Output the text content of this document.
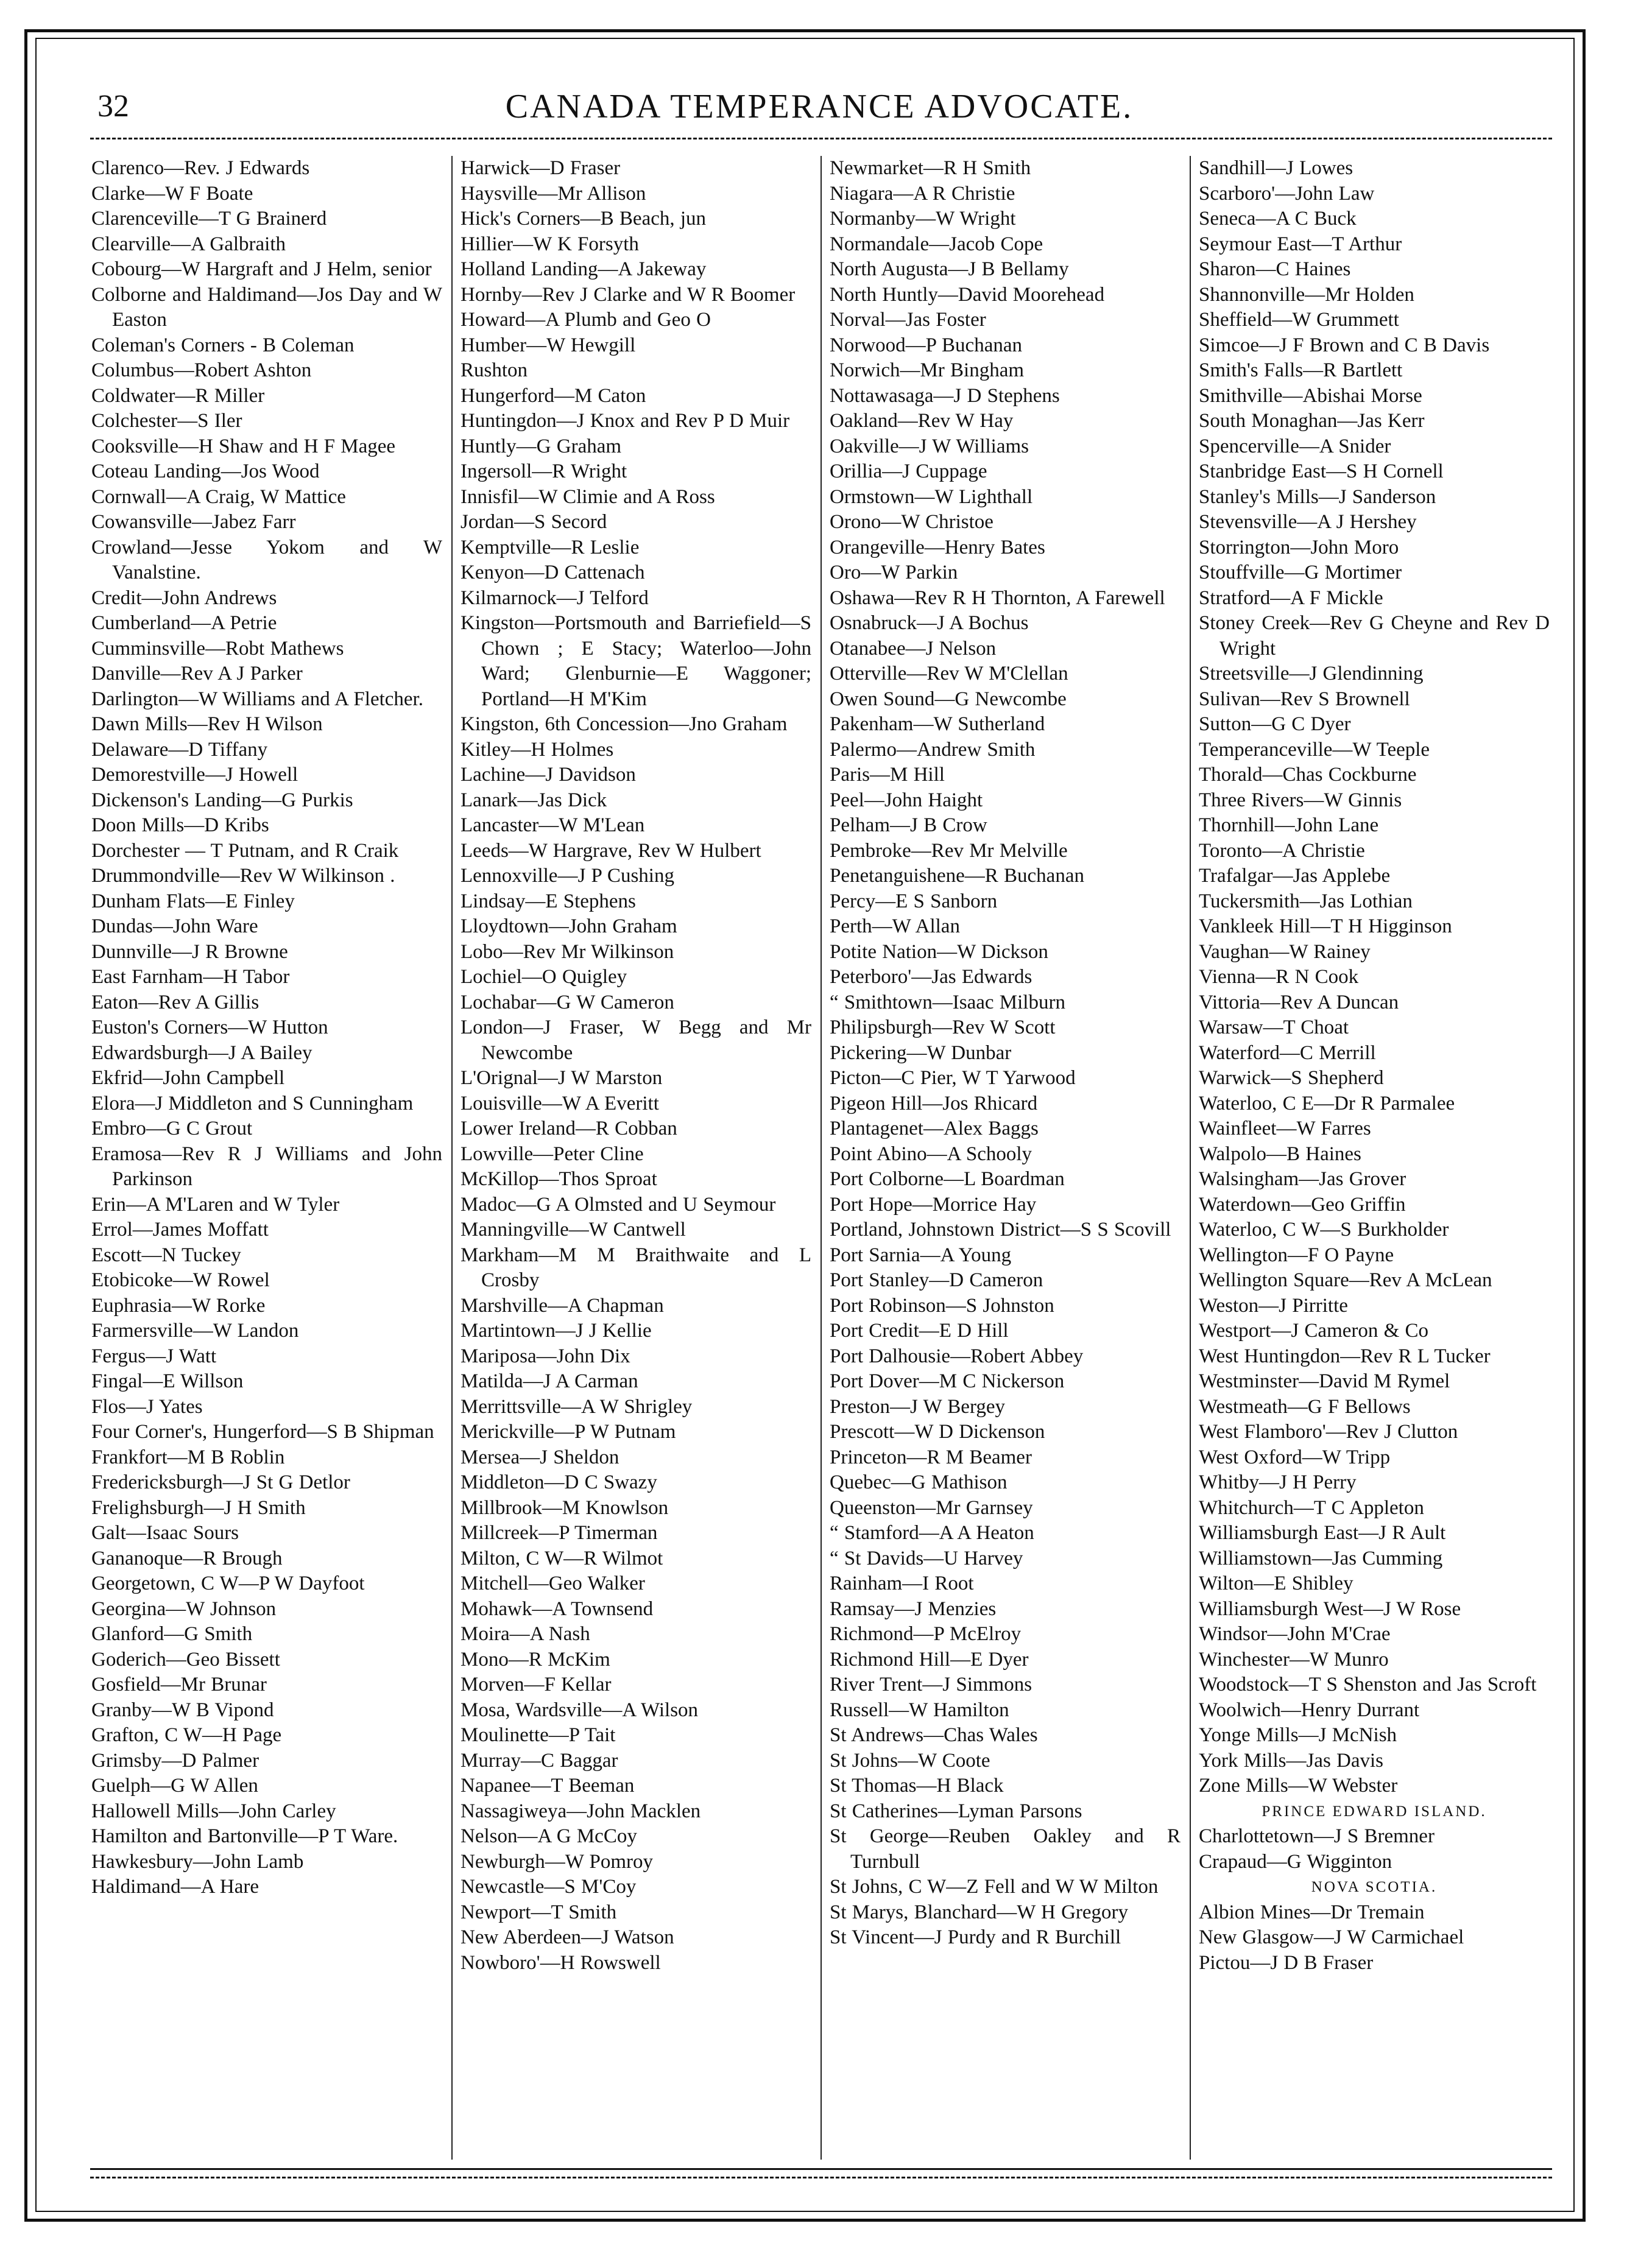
32	CANADA TEMPERANCE ADVOCATE.
Clarenco—Rev. J Edwards
Clarke—W F Boate
Clarenceville—T G Brainerd
Clearville—A Galbraith
Cobourg—W Hargraft and J Helm, senior
Colborne and Haldimand—Jos Day and W Easton
Coleman's Corners - B Coleman
Columbus—Robert Ashton
Coldwater—R Miller
Colchester—S Iler
Cooksville—H Shaw and H F Magee
Coteau Landing—Jos Wood
Cornwall—A Craig, W Mattice
Cowansville—Jabez Farr
Crowland—Jesse Yokom and W Vanalstine.
Credit—John Andrews
Cumberland—A Petrie
Cumminsville—Robt Mathews
Danville—Rev A J Parker
Darlington—W Williams and A Fletcher.
Dawn Mills—Rev H Wilson
Delaware—D Tiffany
Demorestville—J Howell
Dickenson's Landing—G Purkis
Doon Mills—D Kribs
Dorchester — T Putnam, and R Craik
Drummondville—Rev W Wilkinson .
Dunham Flats—E Finley
Dundas—John Ware
Dunnville—J R Browne
East Farnham—H Tabor
Eaton—Rev A Gillis
Euston's Corners—W Hutton
Edwardsburgh—J A Bailey
Ekfrid—John Campbell
Elora—J Middleton and S Cunningham
Embro—G C Grout
Eramosa—Rev R J Williams and John Parkinson
Erin—A M'Laren and W Tyler
Errol—James Moffatt
Escott—N Tuckey
Etobicoke—W Rowel
Euphrasia—W Rorke
Farmersville—W Landon
Fergus—J Watt
Fingal—E Willson
Flos—J Yates
Four Corner's, Hungerford—S B Shipman
Frankfort—M B Roblin
Fredericksburgh—J St G Detlor
Frelighsburgh—J H Smith
Galt—Isaac Sours
Gananoque—R Brough
Georgetown, C W—P W Dayfoot
Georgina—W Johnson
Glanford—G Smith
Goderich—Geo Bissett
Gosfield—Mr Brunar
Granby—W B Vipond
Grafton, C W—H Page
Grimsby—D Palmer
Guelph—G W Allen
Hallowell Mills—John Carley
Hamilton and Bartonville—P T Ware.
Hawkesbury—John Lamb
Haldimand—A Hare
Harwick—D Fraser
Haysville—Mr Allison
Hick's Corners—B Beach, jun
Hillier—W K Forsyth
Holland Landing—A Jakeway
Hornby—Rev J Clarke and W R Boomer
Howard—A Plumb and Geo O
Humber—W Hewgill
Rushton
Hungerford—M Caton
Huntingdon—J Knox and Rev P D Muir
Huntly—G Graham
Ingersoll—R Wright
Innisfil—W Climie and A Ross
Jordan—S Secord
Kemptville—R Leslie
Kenyon—D Cattenach
Kilmarnock—J Telford
Kingston—Portsmouth and Barriefield—S Chown ; E Stacy; Waterloo—John Ward; Glenburnie—E Waggoner; Portland—H M'Kim
Kingston, 6th Concession—Jno Graham
Kitley—H Holmes
Lachine—J Davidson
Lanark—Jas Dick
Lancaster—W M'Lean
Leeds—W Hargrave, Rev W Hulbert
Lennoxville—J P Cushing
Lindsay—E Stephens
Lloydtown—John Graham
Lobo—Rev Mr Wilkinson
Lochiel—O Quigley
Lochabar—G W Cameron
London—J Fraser, W Begg and Mr Newcombe
L'Orignal—J W Marston
Louisville—W A Everitt
Lower Ireland—R Cobban
Lowville—Peter Cline
McKillop—Thos Sproat
Madoc—G A Olmsted and U Seymour
Manningville—W Cantwell
Markham—M M Braithwaite and L Crosby
Marshville—A Chapman
Martintown—J J Kellie
Mariposa—John Dix
Matilda—J A Carman
Merrittsville—A W Shrigley
Merickville—P W Putnam
Mersea—J Sheldon
Middleton—D C Swazy
Millbrook—M Knowlson
Millcreek—P Timerman
Milton, C W—R Wilmot
Mitchell—Geo Walker
Mohawk—A Townsend
Moira—A Nash
Mono—R McKim
Morven—F Kellar
Mosa, Wardsville—A Wilson
Moulinette—P Tait
Murray—C Baggar
Napanee—T Beeman
Nassagiweya—John Macklen
Nelson—A G McCoy
Newburgh—W Pomroy
Newcastle—S M'Coy
Newport—T Smith
New Aberdeen—J Watson
Nowboro'—H Rowswell
Newmarket—R H Smith
Niagara—A R Christie
Normanby—W Wright
Normandale—Jacob Cope
North Augusta—J B Bellamy
North Huntly—David Moorehead
Norval—Jas Foster
Norwood—P Buchanan
Norwich—Mr Bingham
Nottawasaga—J D Stephens
Oakland—Rev W Hay
Oakville—J W Williams
Orillia—J Cuppage
Ormstown—W Lighthall
Orono—W Christoe
Orangeville—Henry Bates
Oro—W Parkin
Oshawa—Rev R H Thornton, A Farewell
Osnabruck—J A Bochus
Otanabee—J Nelson
Otterville—Rev W M'Clellan
Owen Sound—G Newcombe
Pakenham—W Sutherland
Palermo—Andrew Smith
Paris—M Hill
Peel—John Haight
Pelham—J B Crow
Pembroke—Rev Mr Melville
Penetanguishene—R Buchanan
Percy—E S Sanborn
Perth—W Allan
Potite Nation—W Dickson
Peterboro'—Jas Edwards
“ Smithtown—Isaac Milburn
Philipsburgh—Rev W Scott
Pickering—W Dunbar
Picton—C Pier, W T Yarwood
Pigeon Hill—Jos Rhicard
Plantagenet—Alex Baggs
Point Abino—A Schooly
Port Colborne—L Boardman
Port Hope—Morrice Hay
Portland, Johnstown District—S S Scovill
Port Sarnia—A Young
Port Stanley—D Cameron
Port Robinson—S Johnston
Port Credit—E D Hill
Port Dalhousie—Robert Abbey
Port Dover—M C Nickerson
Preston—J W Bergey
Prescott—W D Dickenson
Princeton—R M Beamer
Quebec—G Mathison
Queenston—Mr Garnsey
“ Stamford—A A Heaton
“ St Davids—U Harvey
Rainham—I Root
Ramsay—J Menzies
Richmond—P McElroy
Richmond Hill—E Dyer
River Trent—J Simmons
Russell—W Hamilton
St Andrews—Chas Wales
St Johns—W Coote
St Thomas—H Black
St Catherines—Lyman Parsons
St George—Reuben Oakley and R Turnbull
St Johns, C W—Z Fell and W W Milton
St Marys, Blanchard—W H Gregory
St Vincent—J Purdy and R Burchill
Sandhill—J Lowes
Scarboro'—John Law
Seneca—A C Buck
Seymour East—T Arthur
Sharon—C Haines
Shannonville—Mr Holden
Sheffield—W Grummett
Simcoe—J F Brown and C B Davis
Smith's Falls—R Bartlett
Smithville—Abishai Morse
South Monaghan—Jas Kerr
Spencerville—A Snider
Stanbridge East—S H Cornell
Stanley's Mills—J Sanderson
Stevensville—A J Hershey
Storrington—John Moro
Stouffville—G Mortimer
Stratford—A F Mickle
Stoney Creek—Rev G Cheyne and Rev D Wright
Streetsville—J Glendinning
Sulivan—Rev S Brownell
Sutton—G C Dyer
Temperanceville—W Teeple
Thorald—Chas Cockburne
Three Rivers—W Ginnis
Thornhill—John Lane
Toronto—A Christie
Trafalgar—Jas Applebe
Tuckersmith—Jas Lothian
Vankleek Hill—T H Higginson
Vaughan—W Rainey
Vienna—R N Cook
Vittoria—Rev A Duncan
Warsaw—T Choat
Waterford—C Merrill
Warwick—S Shepherd
Waterloo, C E—Dr R Parmalee
Wainfleet—W Farres
Walpolo—B Haines
Walsingham—Jas Grover
Waterdown—Geo Griffin
Waterloo, C W—S Burkholder
Wellington—F O Payne
Wellington Square—Rev A McLean
Weston—J Pirritte
Westport—J Cameron & Co
West Huntingdon—Rev R L Tucker
Westminster—David M Rymel
Westmeath—G F Bellows
West Flamboro'—Rev J Clutton
West Oxford—W Tripp
Whitby—J H Perry
Whitchurch—T C Appleton
Williamsburgh East—J R Ault
Williamstown—Jas Cumming
Wilton—E Shibley
Williamsburgh West—J W Rose
Windsor—John M'Crae
Winchester—W Munro
Woodstock—T S Shenston and Jas Scroft
Woolwich—Henry Durrant
Yonge Mills—J McNish
York Mills—Jas Davis
Zone Mills—W Webster
PRINCE EDWARD ISLAND.
Charlottetown—J S Bremner
Crapaud—G Wigginton
NOVA SCOTIA.
Albion Mines—Dr Tremain
New Glasgow—J W Carmichael
Pictou—J D B Fraser
